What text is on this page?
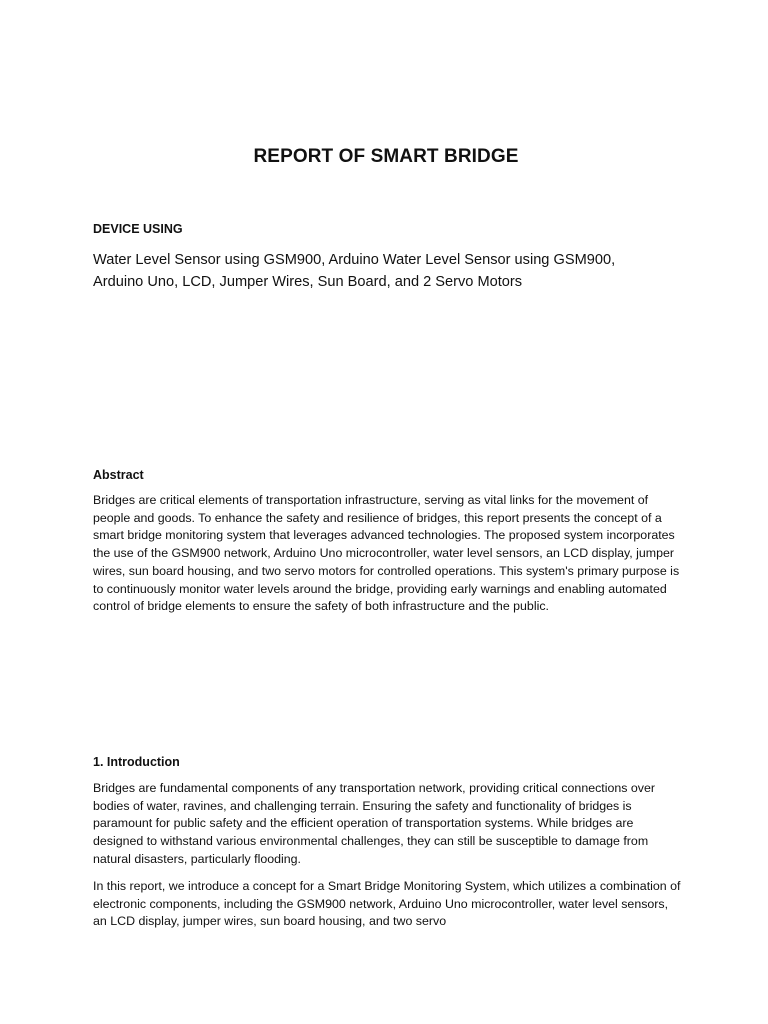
REPORT OF SMART BRIDGE
DEVICE USING
Water Level Sensor using GSM900, Arduino Water Level Sensor using GSM900, Arduino Uno, LCD, Jumper Wires, Sun Board, and 2 Servo Motors
Abstract
Bridges are critical elements of transportation infrastructure, serving as vital links for the movement of people and goods. To enhance the safety and resilience of bridges, this report presents the concept of a smart bridge monitoring system that leverages advanced technologies. The proposed system incorporates the use of the GSM900 network, Arduino Uno microcontroller, water level sensors, an LCD display, jumper wires, sun board housing, and two servo motors for controlled operations. This system's primary purpose is to continuously monitor water levels around the bridge, providing early warnings and enabling automated control of bridge elements to ensure the safety of both infrastructure and the public.
1. Introduction
Bridges are fundamental components of any transportation network, providing critical connections over bodies of water, ravines, and challenging terrain. Ensuring the safety and functionality of bridges is paramount for public safety and the efficient operation of transportation systems. While bridges are designed to withstand various environmental challenges, they can still be susceptible to damage from natural disasters, particularly flooding.
In this report, we introduce a concept for a Smart Bridge Monitoring System, which utilizes a combination of electronic components, including the GSM900 network, Arduino Uno microcontroller, water level sensors, an LCD display, jumper wires, sun board housing, and two servo
